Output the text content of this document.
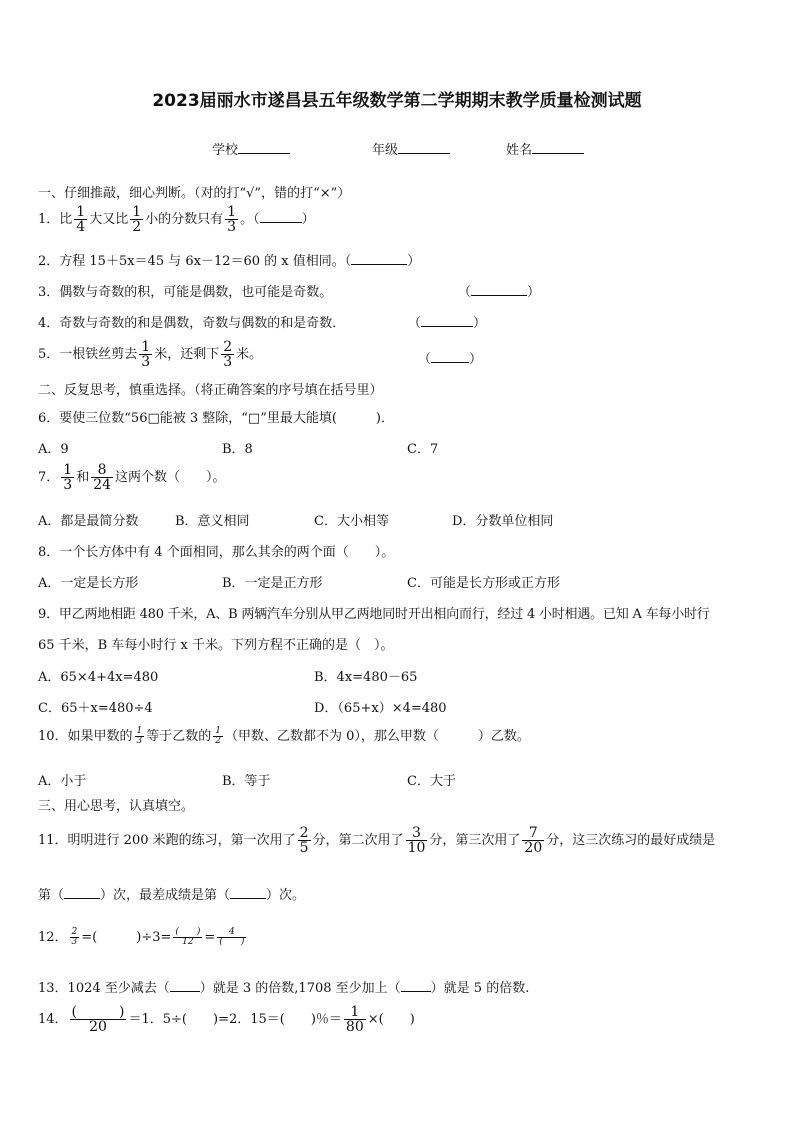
2023届丽水市遂昌县五年级数学第二学期期末教学质量检测试题
学校	年级	姓名
一、仔细推敲，细心判断。（对的打“√”，错的打“×”）
1．比 $\frac{1}{4}$ 大又比 $\frac{1}{2}$ 小的分数只有 $\frac{1}{3}$ 。（	）
2．方程 15＋5x＝45 与 6x－12＝60 的 x 值相同。（	）
3．偶数与奇数的积，可能是偶数，也可能是奇数。	（	）
4．奇数与奇数的和是偶数，奇数与偶数的和是奇数．	（	）
5．一根铁丝剪去 $\frac{1}{3}$ 米，还剩下 $\frac{2}{3}$ 米。	（	）
二、反复思考，慎重选择。（将正确答案的序号填在括号里）
6．要使三位数“56□能被 3 整除，“□”里最大能填(　　　)．
A．9	B．8	C．7
7． $\frac{1}{3}$ 和 $\frac{8}{24}$ 这两个数（　　）。
A．都是最简分数	B．意义相同	C．大小相等	D．分数单位相同
8．一个长方体中有 4 个面相同，那么其余的两个面（　　）。
A．一定是长方形	B．一定是正方形	C．可能是长方形或正方形
9．甲乙两地相距 480 千米，A、B 两辆汽车分别从甲乙两地同时开出相向而行，经过 4 小时相遇。已知 A 车每小时行
65 千米，B 车每小时行 x 千米。下列方程不正确的是（　）。
A．65×4+4x=480	B．4x=480－65
C．65＋x=480÷4	D．（65+x）×4=480
10．如果甲数的 $\frac{1}{3}$ 等于乙数的 $\frac{1}{2}$ （甲数、乙数都不为 0），那么甲数（　　　）乙数。
A．小于	B．等于	C．大于
三、用心思考，认真填空。
11．明明进行 200 米跑的练习，第一次用了 $\frac{2}{5}$ 分，第二次用了 $\frac{3}{10}$ 分，第三次用了 $\frac{7}{20}$ 分，这三次练习的最好成绩是
第（	）次，最差成绩是第（	）次。
12． $\frac{2}{3}$ =(　　　)$\div 3= \frac{( )}{12} = \frac{4}{( )}$
13．1024 至少减去（ ）就是 3 的倍数,1708 至少加上（ ）就是 5 的倍数.
14． $\frac{( )}{20} =1$．5÷(　　)=2．15＝(　　)％＝ $\frac{1}{80}$ ×(　　)
